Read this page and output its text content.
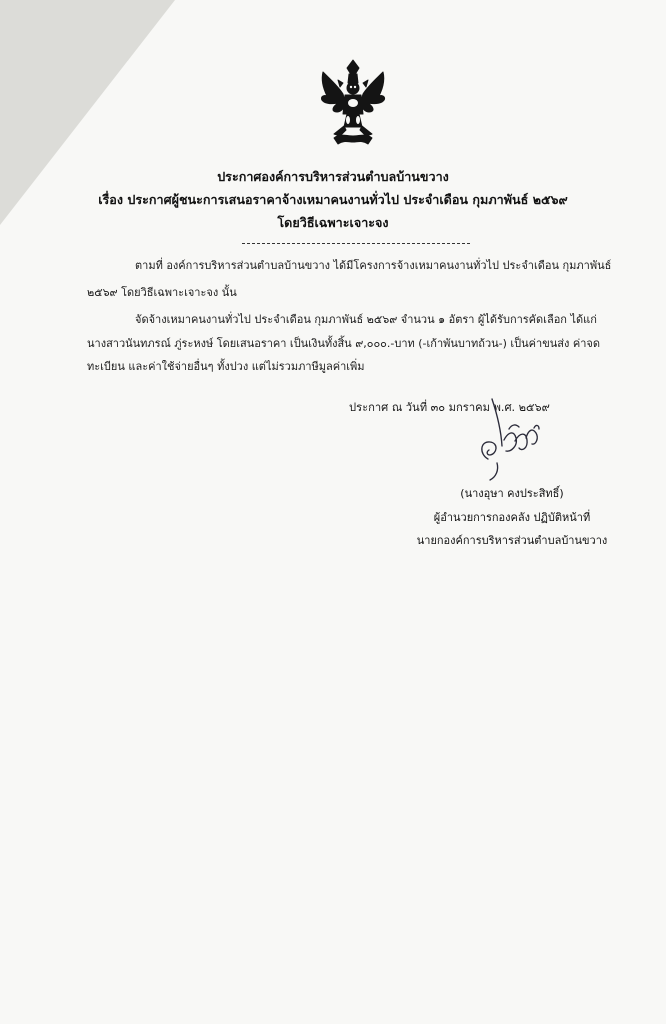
ประกาศองค์การบริหารส่วนตำบลบ้านขวาง
เรื่อง ประกาศผู้ชนะการเสนอราคาจ้างเหมาคนงานทั่วไป ประจำเดือน กุมภาพันธ์ ๒๕๖๙
โดยวิธีเฉพาะเจาะจง
ตามที่ องค์การบริหารส่วนตำบลบ้านขวาง ได้มีโครงการจ้างเหมาคนงานทั่วไป ประจำเดือน กุมภาพันธ์
๒๕๖๙ โดยวิธีเฉพาะเจาะจง นั้น
จัดจ้างเหมาคนงานทั่วไป ประจำเดือน กุมภาพันธ์ ๒๕๖๙ จำนวน ๑ อัตรา ผู้ได้รับการคัดเลือก ได้แก่
นางสาวนันทภรณ์ ภู่ระหงษ์ โดยเสนอราคา เป็นเงินทั้งสิ้น ๙,๐๐๐.-บาท (-เก้าพันบาทถ้วน-) เป็นค่าขนส่ง ค่าจด
ทะเบียน และค่าใช้จ่ายอื่นๆ ทั้งปวง แต่ไม่รวมภาษีมูลค่าเพิ่ม
ประกาศ ณ วันที่ ๓๐ มกราคม พ.ศ. ๒๕๖๙
(นางอุษา คงประสิทธิ์)
ผู้อำนวยการกองคลัง ปฏิบัติหน้าที่
นายกองค์การบริหารส่วนตำบลบ้านขวาง
